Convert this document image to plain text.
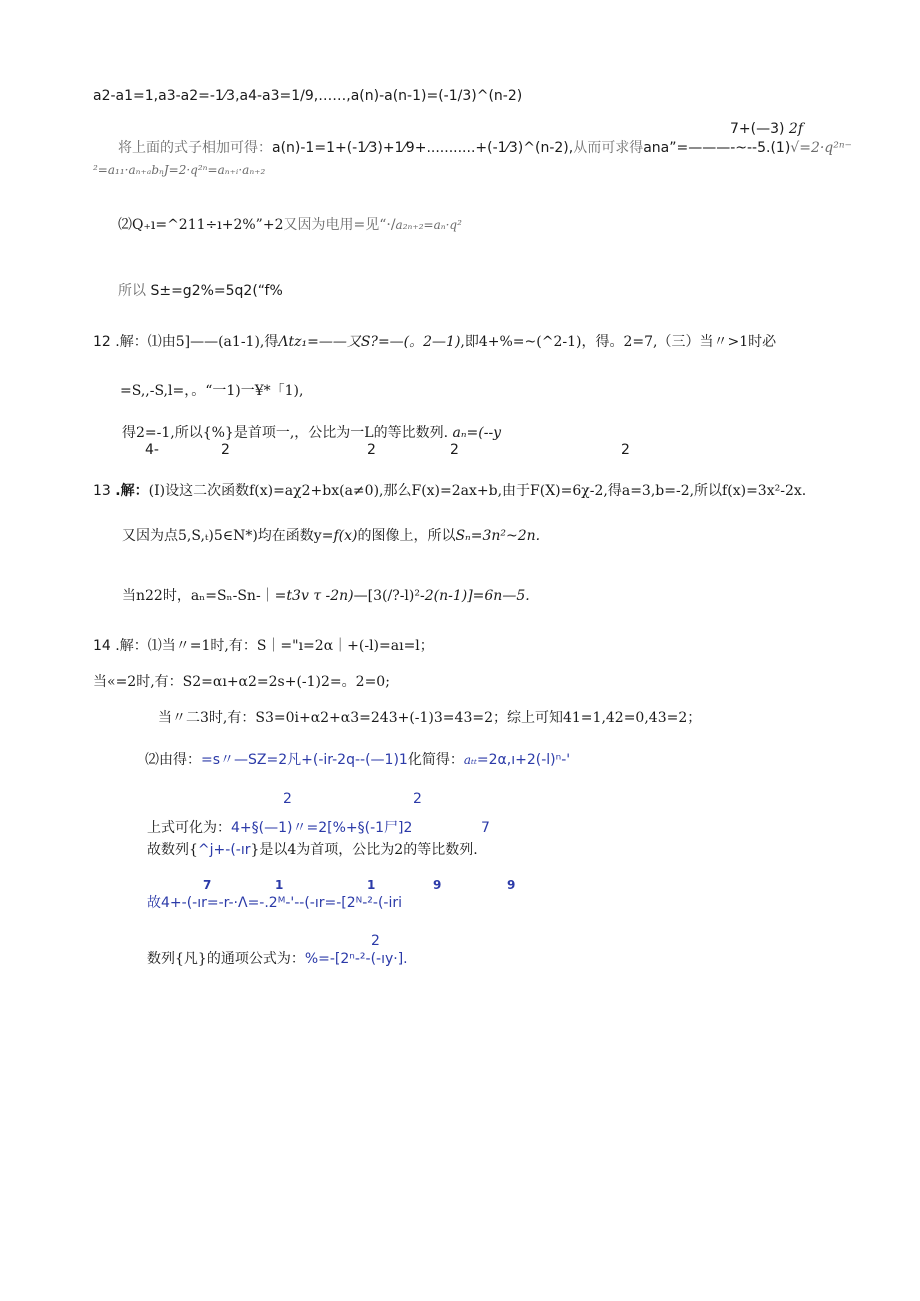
a2-a1=1,a3-a2=-1⁄3,a4-a3=1/9,……,a(n)-a(n-1)=(-1/3)^(n-2)
7+(—3) 2f
将上面的式子相加可得：a(n)-1=1+(-1⁄3)+1⁄9+...........+(-1⁄3)^(n-2),从而可求得ana”=———-~--5.(1)√=2·q²ⁿ⁻
²=a₁₁·aₙ₊ₐbₙJ=2·q²ⁿ=aₙ₊ᵢ·aₙ₊₂
⑵Q₊ı=^211÷ı+2%”+2又因为电用=见“·/a₂ₙ₊₂=aₙ·q²
所以 S±=g2%=5q2(“f%
12 .解：⑴由5]——(a1-1),得Λtz₁=——又S?=—(。2—1),即4+%=~(^2-1)，得。2=7,（三）当〃>1时必
=S,,-S,l=，。“一1)一¥*「1),
得2=-1,所以{%}是首项一,，公比为一L的等比数列. aₙ=(--y
4-	2	2	2	2
13 .解：(I)设这二次函数f(x)=aχ2+bx(a≠0),那么F(x)=2ax+b,由于F(X)=6χ-2,得a=3,b=-2,所以f(x)=3x²-2x.
又因为点5,S,ₜ)5∈N*)均在函数y=f(x)的图像上，所以Sₙ=3n²~2n.
当n22时，aₙ=Sₙ-Sn-｜=t3v τ -2n)—[3(/?-l)²-2(n-1)]=6n—5.
14 .解：⑴当〃=1时,有：S｜="ı=2α｜+(-l)=aı=l；
当«=2时,有：S2=αı+α2=2s+(-1)2=。2=0;
当〃二3时,有：S3=0i+α2+α3=243+(-1)3=43=2；综上可知41=1,42=0,43=2；
⑵由得：=s〃—SZ=2凡+(-ir-2q--(—1)1化简得：aₜₜ=2α,ı+2(-l)ⁿ-'
2	2
上式可化为：4+§(—1)〃=2[%+§(-1尸]2	7
故数列{^j+-(-ır}是以4为首项，公比为2的等比数列.
7	1	1	9	9
故4+-(-ır=-r-·Λ=-.2ᴹ-'--(-ır=-[2ᴺ-²-(-iri
2
数列{凡}的通项公式为：%=-[2ⁿ-²-(-ıy·].
